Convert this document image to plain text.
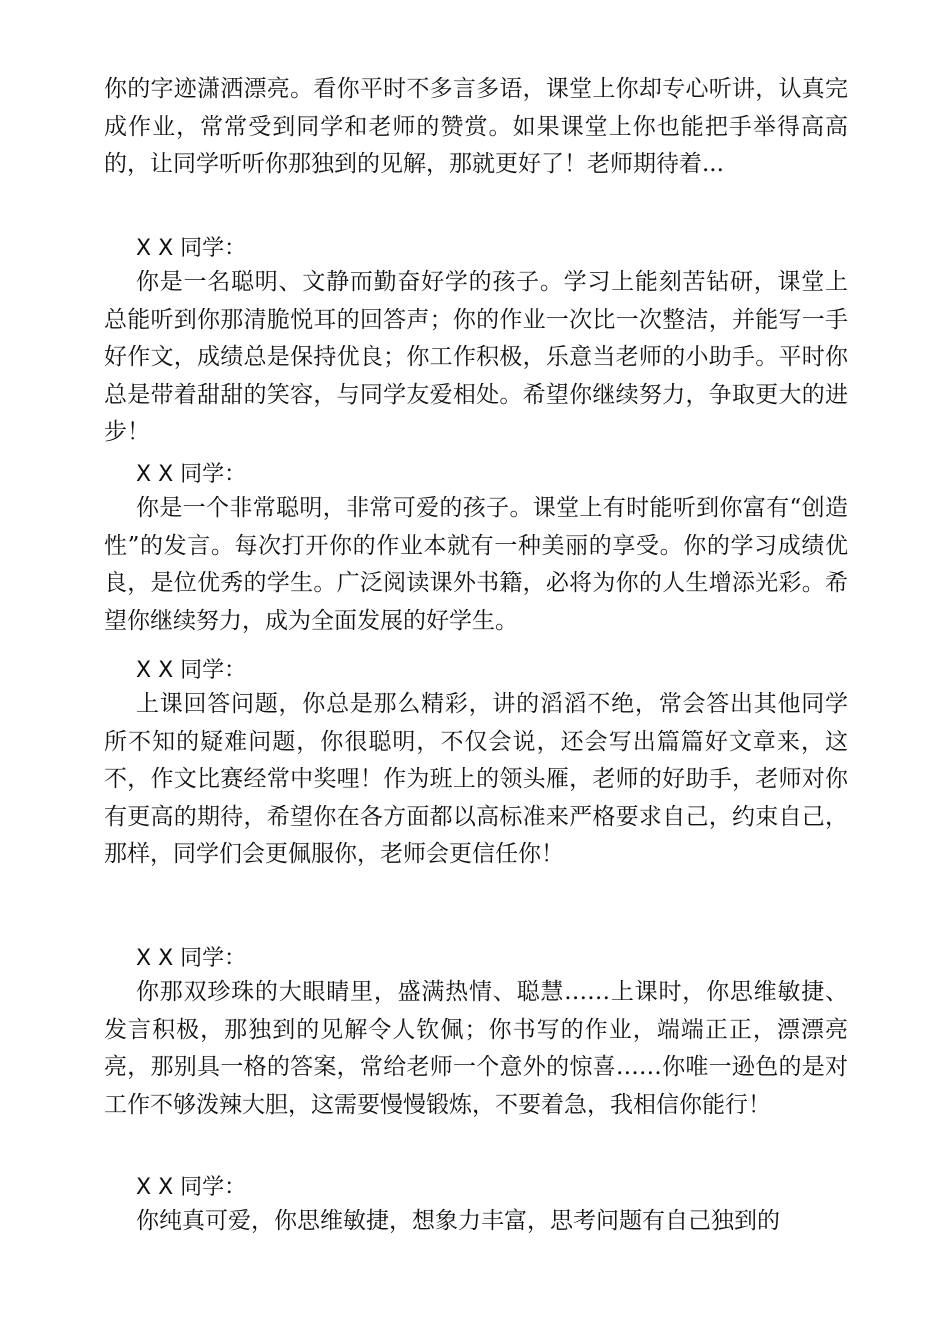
你的字迹潇洒漂亮。看你平时不多言多语，课堂上你却专心听讲，认真完成作业，常常受到同学和老师的赞赏。如果课堂上你也能把手举得高高的，让同学听听你那独到的见解，那就更好了！老师期待着...

X X 同学：

你是一名聪明、文静而勤奋好学的孩子。学习上能刻苦钻研，课堂上总能听到你那清脆悦耳的回答声；你的作业一次比一次整洁，并能写一手好作文，成绩总是保持优良；你工作积极，乐意当老师的小助手。平时你总是带着甜甜的笑容，与同学友爱相处。希望你继续努力，争取更大的进步！

X X 同学：

你是一个非常聪明，非常可爱的孩子。课堂上有时能听到你富有“创造性”的发言。每次打开你的作业本就有一种美丽的享受。你的学习成绩优良，是位优秀的学生。广泛阅读课外书籍，必将为你的人生增添光彩。希望你继续努力，成为全面发展的好学生。

X X 同学：

上课回答问题，你总是那么精彩，讲的滔滔不绝，常会答出其他同学所不知的疑难问题，你很聪明，不仅会说，还会写出篇篇好文章来，这不，作文比赛经常中奖哩！作为班上的领头雁，老师的好助手，老师对你有更高的期待，希望你在各方面都以高标准来严格要求自己，约束自己，那样，同学们会更佩服你，老师会更信任你！

X X 同学：

你那双珍珠的大眼睛里，盛满热情、聪慧……上课时，你思维敏捷、发言积极，那独到的见解令人钦佩；你书写的作业，端端正正，漂漂亮亮，那别具一格的答案，常给老师一个意外的惊喜……你唯一逊色的是对工作不够泼辣大胆，这需要慢慢锻炼，不要着急，我相信你能行！

X X 同学：

你纯真可爱，你思维敏捷，想象力丰富，思考问题有自己独到的
